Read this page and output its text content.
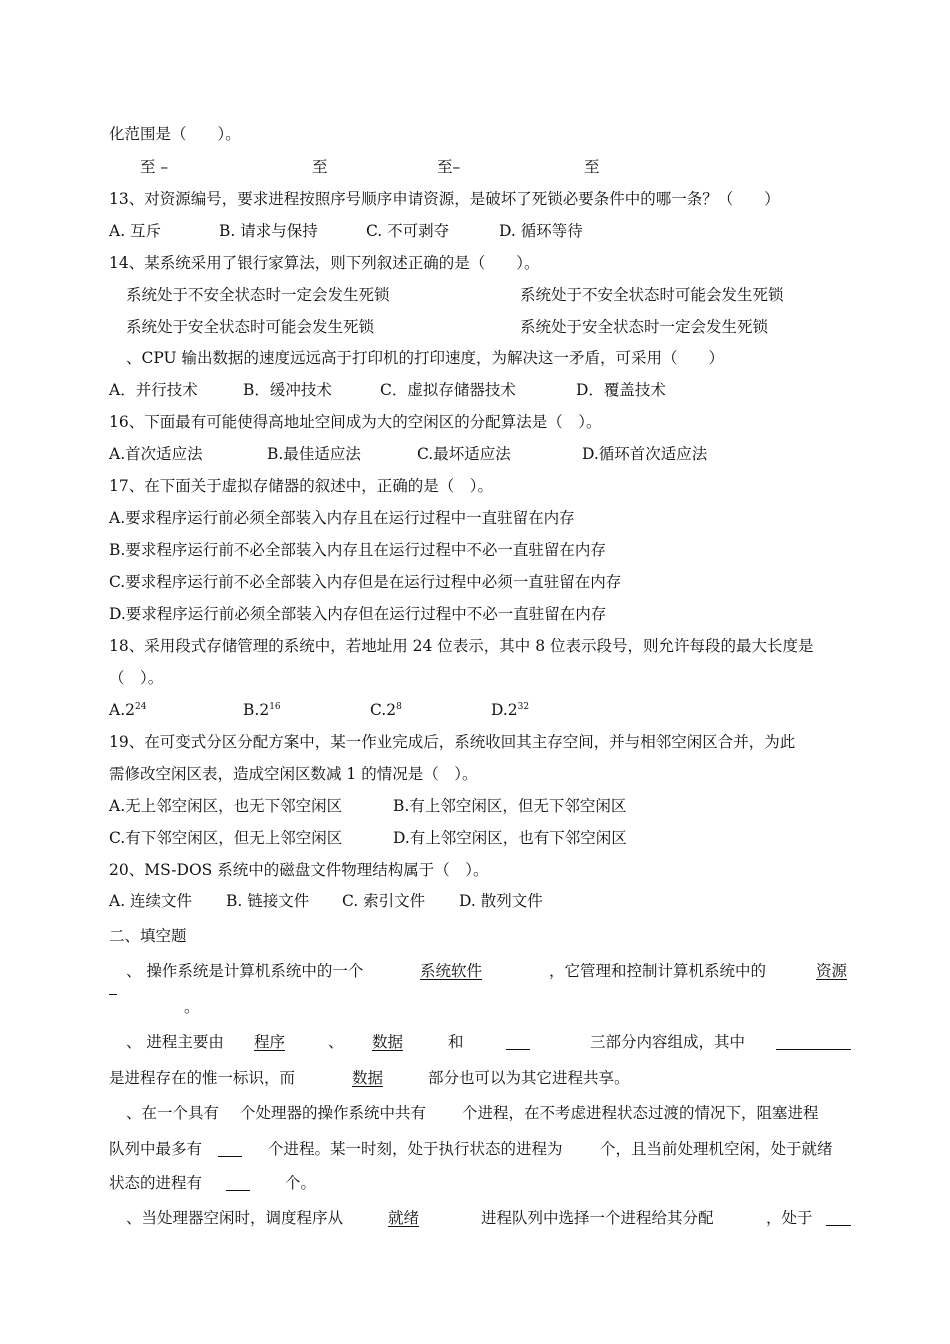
化范围是（　　）。
至 –	至	至–	至
13、对资源编号，要求进程按照序号顺序申请资源，是破坏了死锁必要条件中的哪一条？（　　）
A. 互斥	B. 请求与保持	C. 不可剥夺	D. 循环等待
14、某系统采用了银行家算法，则下列叙述正确的是（　　）。
系统处于不安全状态时一定会发生死锁	系统处于不安全状态时可能会发生死锁
系统处于安全状态时可能会发生死锁	系统处于安全状态时一定会发生死锁
、CPU 输出数据的速度远远高于打印机的打印速度，为解决这一矛盾，可采用（　　）
A．并行技术	B．缓冲技术	C．虚拟存储器技术	D．覆盖技术
16、下面最有可能使得高地址空间成为大的空闲区的分配算法是（　）。
A.首次适应法	B.最佳适应法	C.最坏适应法	D.循环首次适应法
17、在下面关于虚拟存储器的叙述中，正确的是（　）。
A.要求程序运行前必须全部装入内存且在运行过程中一直驻留在内存
B.要求程序运行前不必全部装入内存且在运行过程中不必一直驻留在内存
C.要求程序运行前不必全部装入内存但是在运行过程中必须一直驻留在内存
D.要求程序运行前必须全部装入内存但在运行过程中不必一直驻留在内存
18、采用段式存储管理的系统中，若地址用 24 位表示，其中 8 位表示段号，则允许每段的最大长度是
（　）。
$A.2^{24}$	$B.2^{16}$	$C.2^8$	$D.2^{32}$
19、在可变式分区分配方案中，某一作业完成后，系统收回其主存空间，并与相邻空闲区合并，为此
需修改空闲区表，造成空闲区数减 1 的情况是（　）。
A.无上邻空闲区，也无下邻空闲区	B.有上邻空闲区，但无下邻空闲区
C.有下邻空闲区，但无上邻空闲区	D.有上邻空闲区，也有下邻空闲区
20、MS-DOS 系统中的磁盘文件物理结构属于（　）。
A. 连续文件 B. 链接文件 C. 索引文件 D. 散列文件
二、填空题
、 操作系统是计算机系统中的一个	系统软件	，它管理和控制计算机系统中的	资源
。
、 进程主要由	程序	、	数据	和	三部分内容组成，其中
是进程存在的惟一标识，而	数据	部分也可以为其它进程共享。
、在一个具有 个处理器的操作系统中共有 个进程，在不考虑进程状态过渡的情况下，阻塞进程
队列中最多有	个进程。某一时刻，处于执行状态的进程为 个，且当前处理机空闲，处于就绪
状态的进程有	个。
、当处理器空闲时，调度程序从	就绪	进程队列中选择一个进程给其分配	，处于
